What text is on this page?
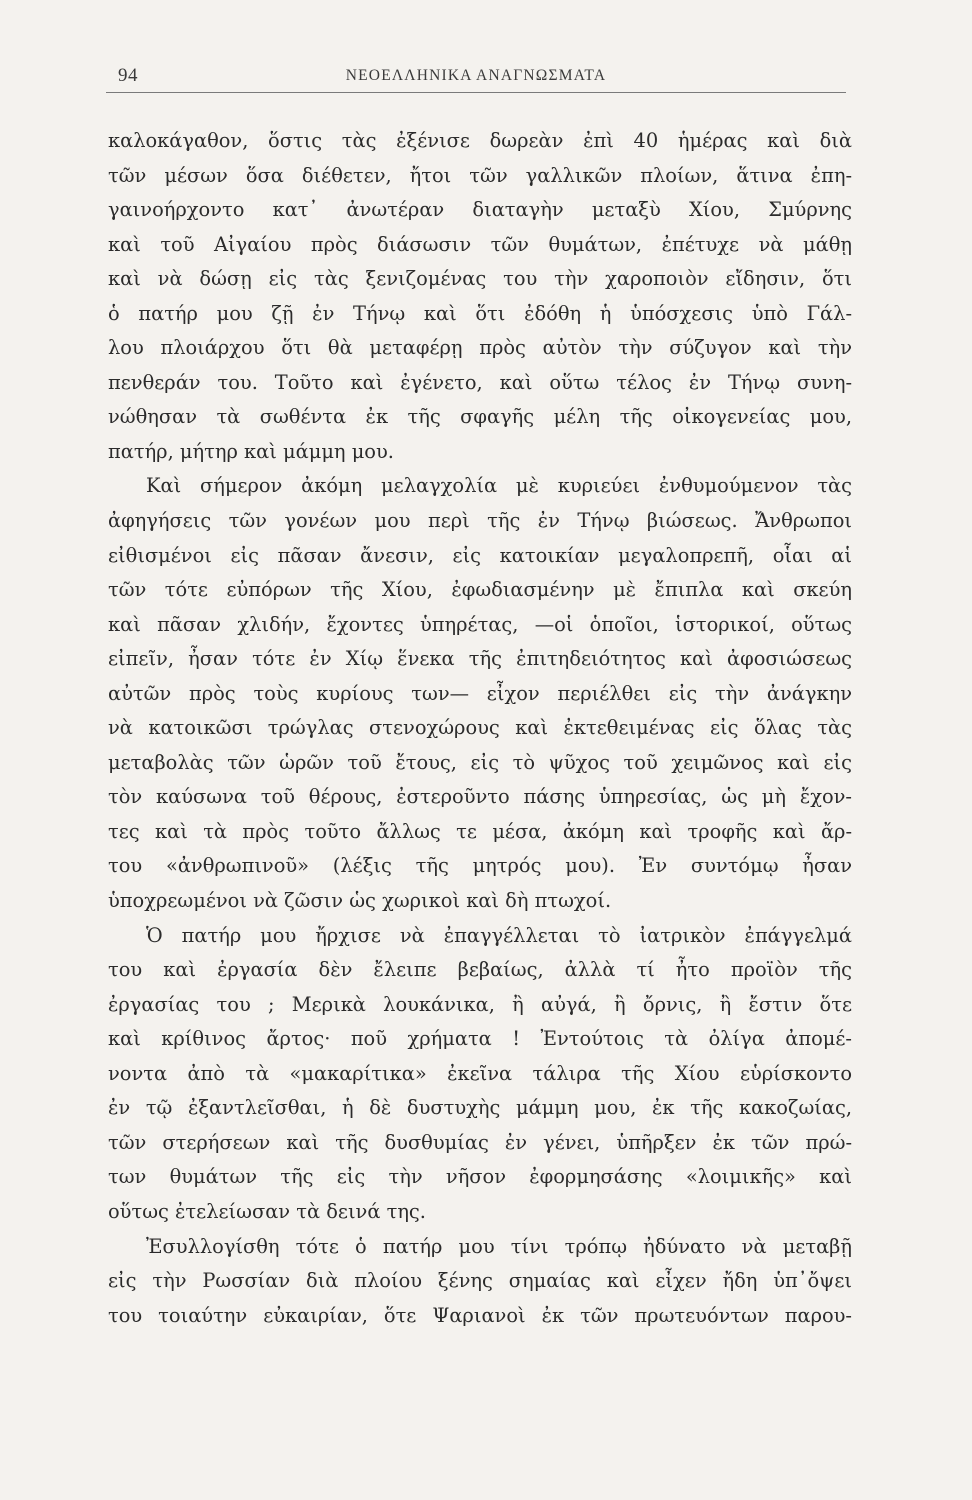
94	ΝΕΟΕΛΛΗΝΙΚΑ ΑΝΑΓΝΩΣΜΑΤΑ
καλοκάγαθον, ὅστις τὰς ἐξένισε δωρεὰν ἐπὶ 40 ἡμέρας καὶ διὰ
τῶν μέσων ὅσα διέθετεν, ἤτοι τῶν γαλλικῶν πλοίων, ἅτινα ἐπη-
γαινοήρχοντο κατ᾽ ἀνωτέραν διαταγὴν μεταξὺ Χίου, Σμύρνης
καὶ τοῦ Αἰγαίου πρὸς διάσωσιν τῶν θυμάτων, ἐπέτυχε νὰ μάθῃ
καὶ νὰ δώσῃ εἰς τὰς ξενιζομένας του τὴν χαροποιὸν εἴδησιν, ὅτι
ὁ πατήρ μου ζῇ ἐν Τήνῳ καὶ ὅτι ἐδόθη ἡ ὑπόσχεσις ὑπὸ Γάλ-
λου πλοιάρχου ὅτι θὰ μεταφέρῃ πρὸς αὐτὸν τὴν σύζυγον καὶ τὴν
πενθεράν του. Τοῦτο καὶ ἐγένετο, καὶ οὕτω τέλος ἐν Τήνῳ συνη-
νώθησαν τὰ σωθέντα ἐκ τῆς σφαγῆς μέλη τῆς οἰκογενείας μου,
πατήρ, μήτηρ καὶ μάμμη μου.
Καὶ σήμερον ἀκόμη μελαγχολία μὲ κυριεύει ἐνθυμούμενον τὰς
ἀφηγήσεις τῶν γονέων μου περὶ τῆς ἐν Τήνῳ βιώσεως. Ἄνθρωποι
εἰθισμένοι εἰς πᾶσαν ἄνεσιν, εἰς κατοικίαν μεγαλοπρεπῆ, οἷαι αἱ
τῶν τότε εὐπόρων τῆς Χίου, ἐφωδιασμένην μὲ ἔπιπλα καὶ σκεύη
καὶ πᾶσαν χλιδήν, ἔχοντες ὑπηρέτας, —οἱ ὁποῖοι, ἱστορικοί, οὕτως
εἰπεῖν, ἦσαν τότε ἐν Χίῳ ἕνεκα τῆς ἐπιτηδειότητος καὶ ἀφοσιώσεως
αὐτῶν πρὸς τοὺς κυρίους των— εἶχον περιέλθει εἰς τὴν ἀνάγκην
νὰ κατοικῶσι τρώγλας στενοχώρους καὶ ἐκτεθειμένας εἰς ὅλας τὰς
μεταβολὰς τῶν ὡρῶν τοῦ ἔτους, εἰς τὸ ψῦχος τοῦ χειμῶνος καὶ εἰς
τὸν καύσωνα τοῦ θέρους, ἐστεροῦντο πάσης ὑπηρεσίας, ὡς μὴ ἔχον-
τες καὶ τὰ πρὸς τοῦτο ἄλλως τε μέσα, ἀκόμη καὶ τροφῆς καὶ ἄρ-
του «ἀνθρωπινοῦ» (λέξις τῆς μητρός μου). Ἐν συντόμῳ ἦσαν
ὑποχρεωμένοι νὰ ζῶσιν ὡς χωρικοὶ καὶ δὴ πτωχοί.
Ὁ πατήρ μου ἤρχισε νὰ ἐπαγγέλλεται τὸ ἰατρικὸν ἐπάγγελμά
του καὶ ἐργασία δὲν ἔλειπε βεβαίως, ἀλλὰ τί ἦτο προϊὸν τῆς
ἐργασίας του ; Μερικὰ λουκάνικα, ἢ αὐγά, ἢ ὄρνις, ἢ ἔστιν ὅτε
καὶ κρίθινος ἄρτος· ποῦ χρήματα ! Ἐντούτοις τὰ ὀλίγα ἀπομέ-
νοντα ἀπὸ τὰ «μακαρίτικα» ἐκεῖνα τάλιρα τῆς Χίου εὑρίσκοντο
ἐν τῷ ἐξαντλεῖσθαι, ἡ δὲ δυστυχὴς μάμμη μου, ἐκ τῆς κακοζωίας,
τῶν στερήσεων καὶ τῆς δυσθυμίας ἐν γένει, ὑπῆρξεν ἐκ τῶν πρώ-
των θυμάτων τῆς εἰς τὴν νῆσον ἐφορμησάσης «λοιμικῆς» καὶ
οὕτως ἐτελείωσαν τὰ δεινά της.
Ἐσυλλογίσθη τότε ὁ πατήρ μου τίνι τρόπῳ ἠδύνατο νὰ μεταβῇ
εἰς τὴν Ρωσσίαν διὰ πλοίου ξένης σημαίας καὶ εἶχεν ἤδη ὑπ᾽ὄψει
του τοιαύτην εὐκαιρίαν, ὅτε Ψαριανοὶ ἐκ τῶν πρωτευόντων παρου-
